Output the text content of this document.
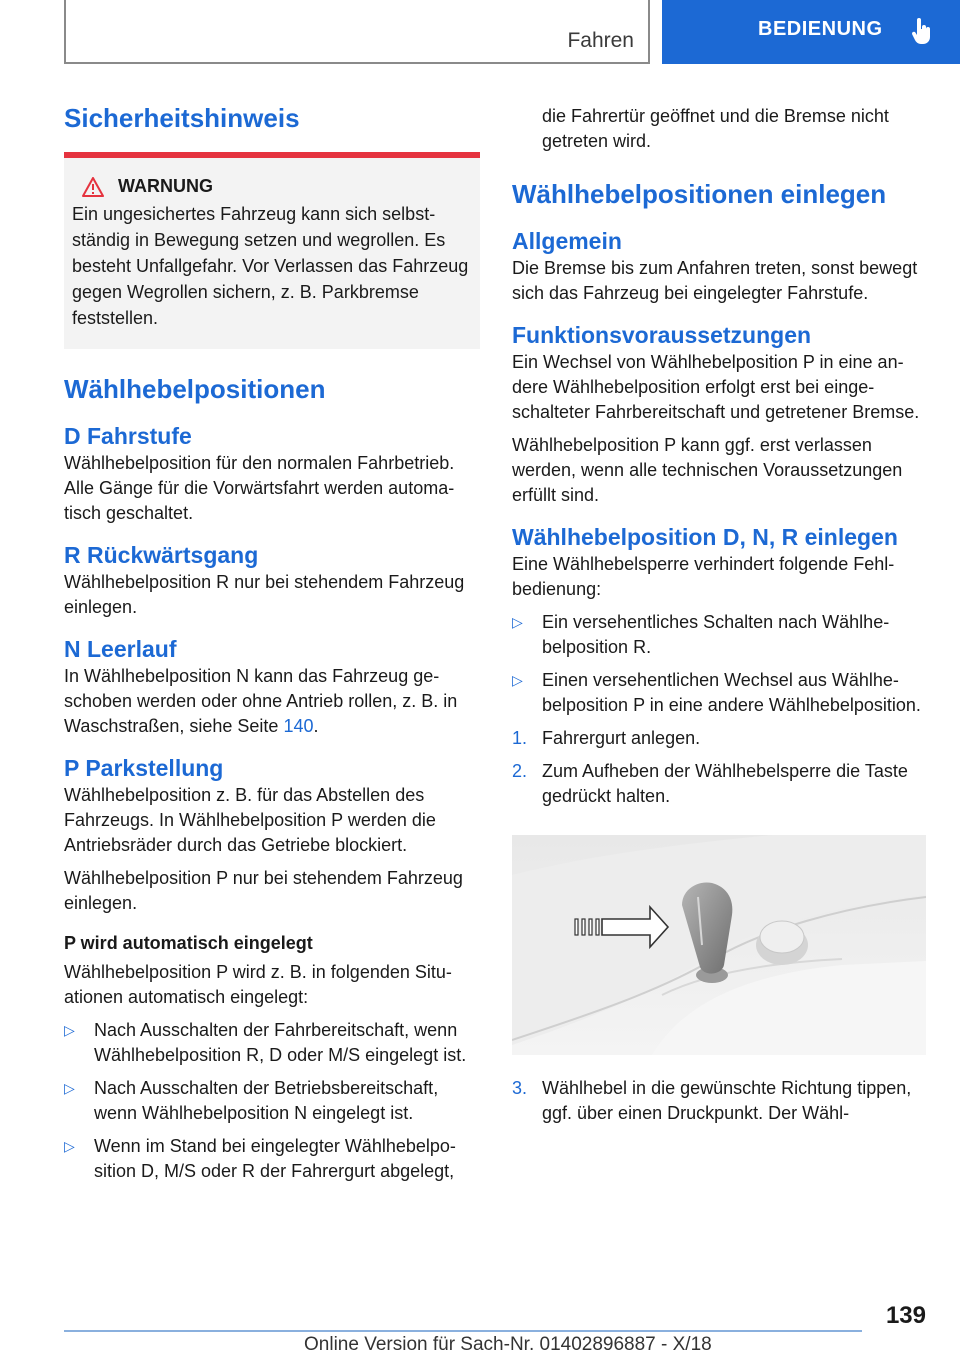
Fahren
BEDIENUNG
Sicherheitshinweis
WARNUNG

Ein ungesichertes Fahrzeug kann sich selbstständig in Bewegung setzen und wegrollen. Es besteht Unfallgefahr. Vor Verlassen das Fahrzeug gegen Wegrollen sichern, z. B. Parkbremse feststellen.

Wählhebelpositionen
D Fahrstufe

Wählhebelposition für den normalen Fahrbetrieb. Alle Gänge für die Vorwärtsfahrt werden automatisch geschaltet.

R Rückwärtsgang

Wählhebelposition R nur bei stehendem Fahrzeug einlegen.

N Leerlauf

In Wählhebelposition N kann das Fahrzeug geschoben werden oder ohne Antrieb rollen, z. B. in Waschstraßen, siehe Seite 140.

P Parkstellung

Wählhebelposition z. B. für das Abstellen des Fahrzeugs. In Wählhebelposition P werden die Antriebsräder durch das Getriebe blockiert.

Wählhebelposition P nur bei stehendem Fahrzeug einlegen.

P wird automatisch eingelegt

Wählhebelposition P wird z. B. in folgenden Situationen automatisch eingelegt:

▷ Nach Ausschalten der Fahrbereitschaft, wenn Wählhebelposition R, D oder M/S eingelegt ist.
▷ Nach Ausschalten der Betriebsbereitschaft, wenn Wählhebelposition N eingelegt ist.
▷ Wenn im Stand bei eingelegter Wählhebelposition D, M/S oder R der Fahrergurt abgelegt,

die Fahrertür geöffnet und die Bremse nicht getreten wird.

Wählhebelpositionen einlegen
Allgemein

Die Bremse bis zum Anfahren treten, sonst bewegt sich das Fahrzeug bei eingelegter Fahrstufe.

Funktionsvoraussetzungen

Ein Wechsel von Wählhebelposition P in eine andere Wählhebelposition erfolgt erst bei eingeschalteter Fahrbereitschaft und getretener Bremse.

Wählhebelposition P kann ggf. erst verlassen werden, wenn alle technischen Voraussetzungen erfüllt sind.

Wählhebelposition D, N, R einlegen

Eine Wählhebelsperre verhindert folgende Fehlbedienung:

▷ Ein versehentliches Schalten nach Wählhebelposition R.
▷ Einen versehentlichen Wechsel aus Wählhebelposition P in eine andere Wählhebelposition.
1. Fahrergurt anlegen.
2. Zum Aufheben der Wählhebelsperre die Taste gedrückt halten.
3. Wählhebel in die gewünschte Richtung tippen, ggf. über einen Druckpunkt. Der Wähl-
139
Online Version für Sach-Nr. 01402896887 - X/18
